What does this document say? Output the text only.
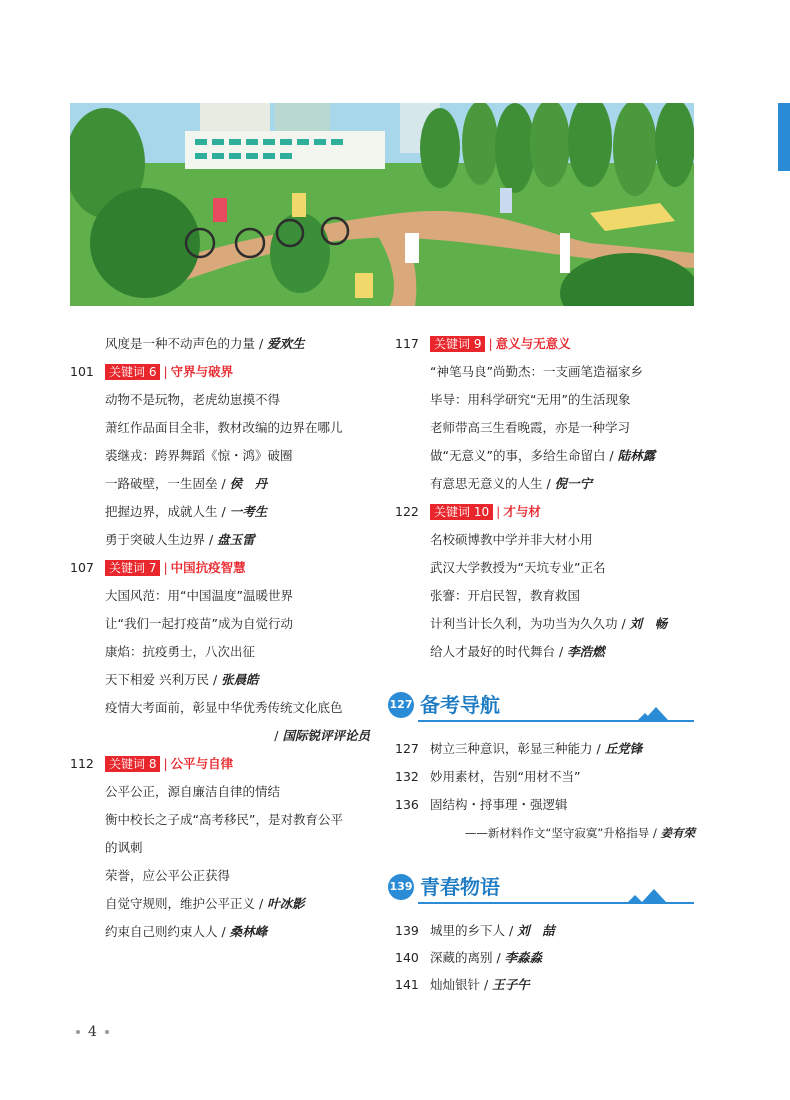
风度是一种不动声色的力量 / 爱欢生
101	关键词 6 | 守界与破界
动物不是玩物，老虎幼崽摸不得
萧红作品面目全非，教材改编的边界在哪儿
裘继戎：跨界舞蹈《惊・鸿》破圈
一路破壁，一生固垒 / 侯　丹
把握边界，成就人生 / 一考生
勇于突破人生边界 / 盘玉雷
107	关键词 7 | 中国抗疫智慧
大国风范：用“中国温度”温暖世界
让“我们一起打疫苗”成为自觉行动
康焰：抗疫勇士，八次出征
天下相爱 兴利万民 / 张晨皓
疫情大考面前，彰显中华优秀传统文化底色
/ 国际锐评评论员
112	关键词 8 | 公平与自律
公平公正，源自廉洁自律的情结
衡中校长之子成“高考移民”，是对教育公平
的讽刺
荣誉，应公平公正获得
自觉守规则，维护公平正义 / 叶冰影
约束自己则约束人人 / 桑林峰
117	关键词 9 | 意义与无意义
“神笔马良”尚勤杰：一支画笔造福家乡
毕导：用科学研究“无用”的生活现象
老师带高三生看晚霞，亦是一种学习
做“无意义”的事，多给生命留白 / 陆林露
有意思无意义的人生 / 倪一宁
122	关键词 10 | 才与材
名校硕博教中学并非大材小用
武汉大学教授为“天坑专业”正名
张謇：开启民智，教育救国
计利当计长久利，为功当为久久功 / 刘　畅
给人才最好的时代舞台 / 李浩燃
127 备考导航
127 树立三种意识，彰显三种能力 / 丘党锋
132 妙用素材，告别“用材不当”
136 固结构・捋事理・强逻辑
——新材料作文“坚守寂寞”升格指导 / 姜有荣
139 青春物语
139 城里的乡下人 / 刘　喆
140 深藏的离别 / 李淼淼
141 灿灿银针 / 王子午
4
